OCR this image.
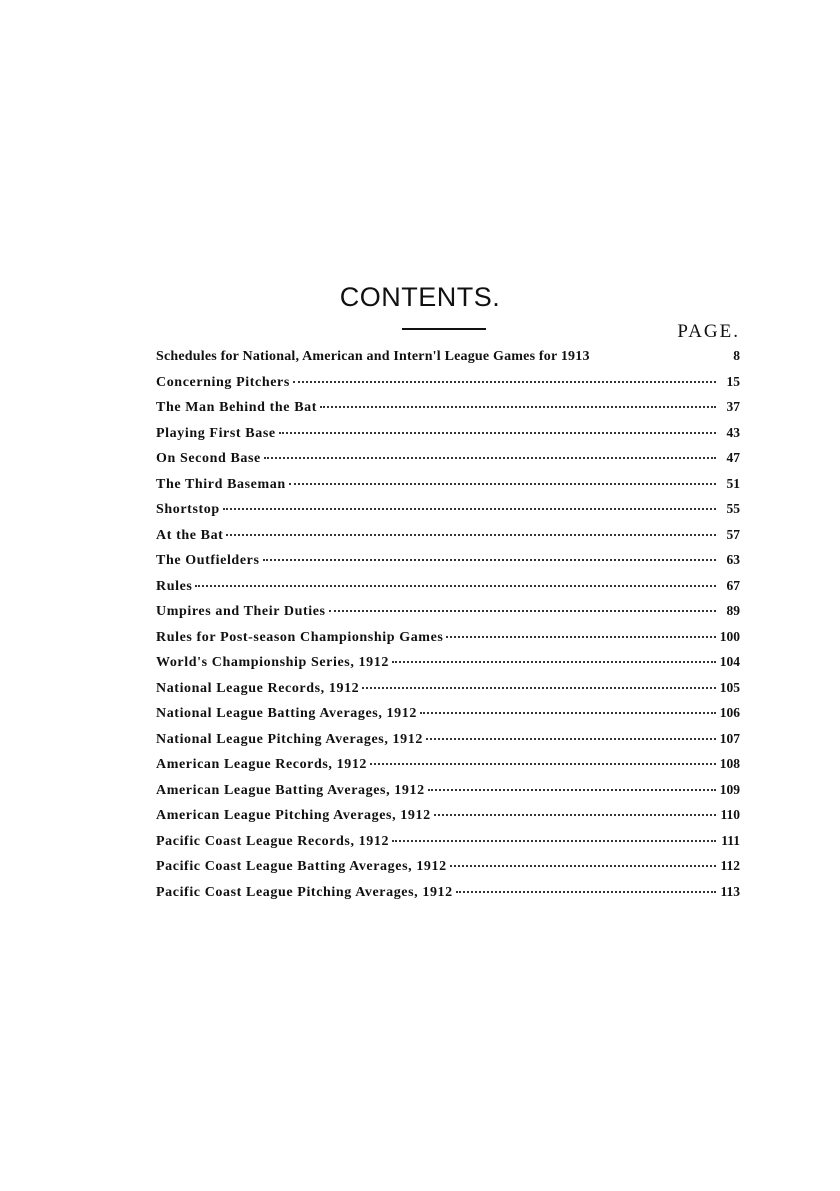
CONTENTS.
PAGE.
Schedules for National, American and Intern'l League Games for 1913	8
Concerning Pitchers	15
The Man Behind the Bat	37
Playing First Base	43
On Second Base	47
The Third Baseman	51
Shortstop	55
At the Bat	57
The Outfielders	63
Rules	67
Umpires and Their Duties	89
Rules for Post-season Championship Games	100
World's Championship Series, 1912	104
National League Records, 1912	105
National League Batting Averages, 1912	106
National League Pitching Averages, 1912	107
American League Records, 1912	108
American League Batting Averages, 1912	109
American League Pitching Averages, 1912	110
Pacific Coast League Records, 1912	111
Pacific Coast League Batting Averages, 1912	112
Pacific Coast League Pitching Averages, 1912	113
